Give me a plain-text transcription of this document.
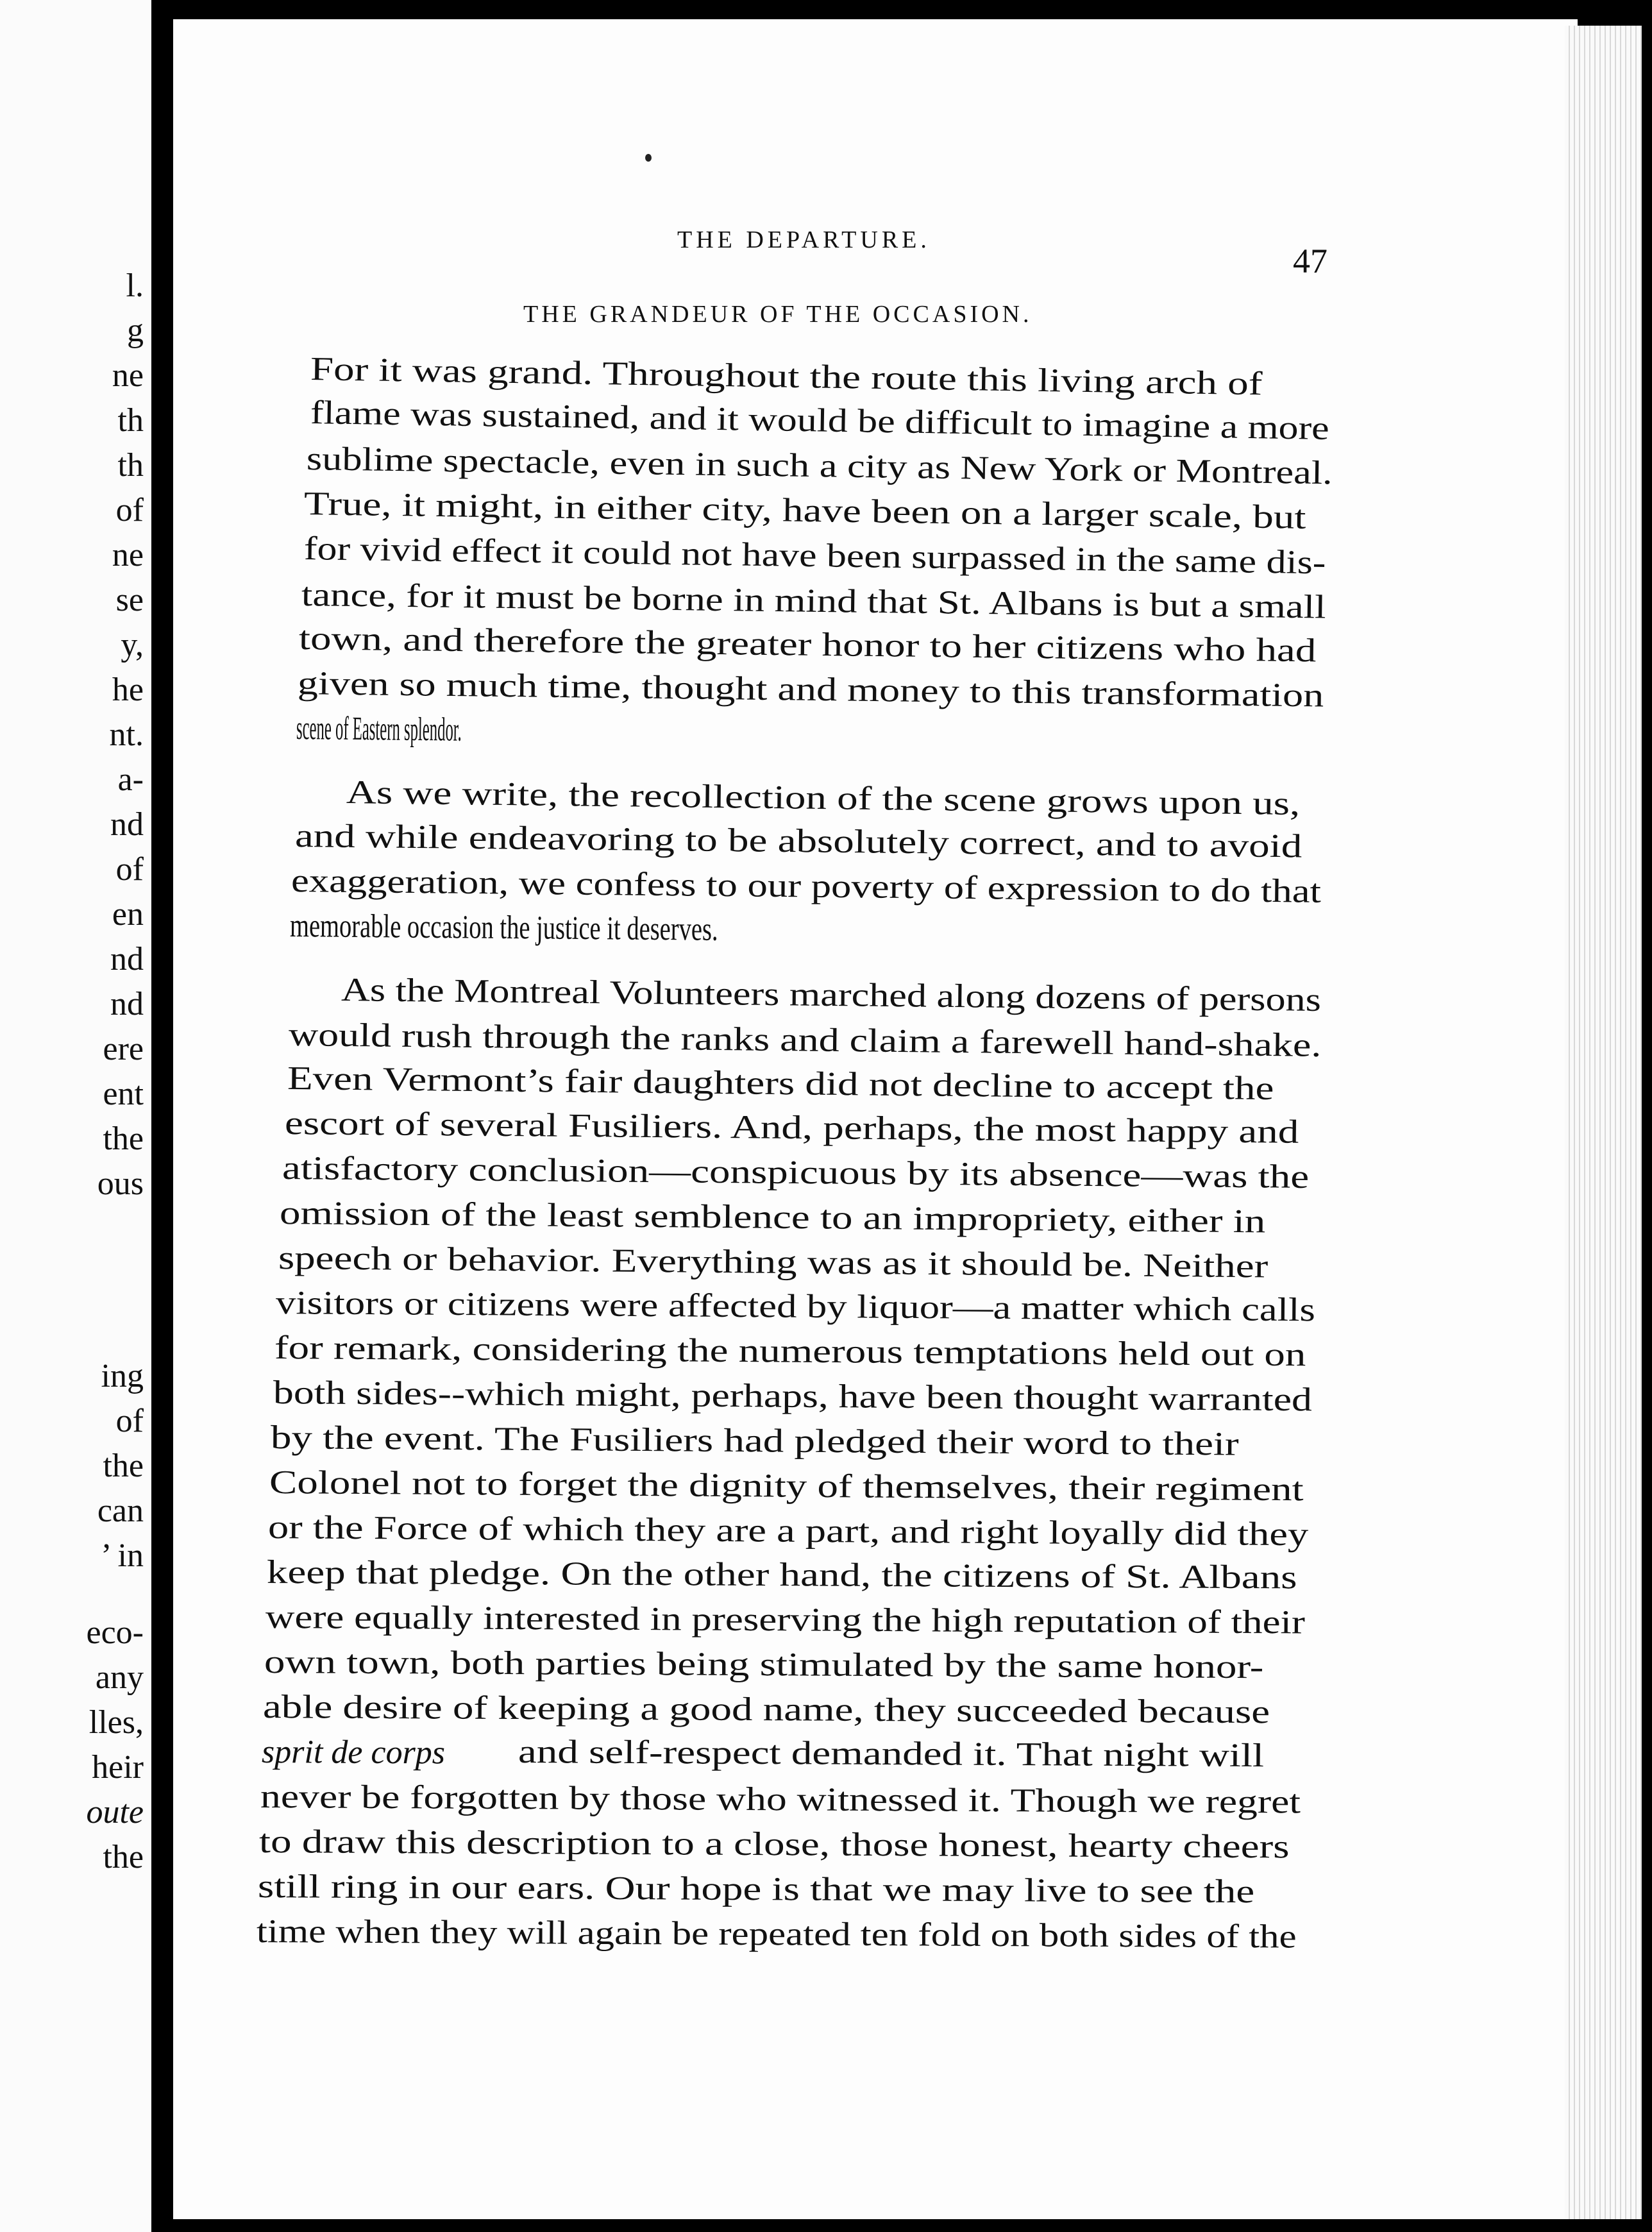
l.
g
ne
th
th
of
ne
se
y,
he
nt.
a-
nd
of
en
nd
nd
ere
ent
the
ous
ing
of
the
can
’ in
eco-
any
lles,
heir
oute
the
THE DEPARTURE.
47
THE GRANDEUR OF THE OCCASION.
For it was grand. Throughout the route this living arch of
flame was sustained, and it would be difficult to imagine a more
sublime spectacle, even in such a city as New York or Montreal.
True, it might, in either city, have been on a larger scale, but
for vivid effect it could not have been surpassed in the same dis-
tance, for it must be borne in mind that St. Albans is but a small
town, and therefore the greater honor to her citizens who had
given so much time, thought and money to this transformation
scene of Eastern splendor.
As we write, the recollection of the scene grows upon us,
and while endeavoring to be absolutely correct, and to avoid
exaggeration, we confess to our poverty of expression to do that
memorable occasion the justice it deserves.
As the Montreal Volunteers marched along dozens of persons
would rush through the ranks and claim a farewell hand-shake.
Even Vermont’s fair daughters did not decline to accept the
escort of several Fusiliers. And, perhaps, the most happy and
atisfactory conclusion—conspicuous by its absence—was the
omission of the least semblence to an impropriety, either in
speech or behavior. Everything was as it should be. Neither
visitors or citizens were affected by liquor—a matter which calls
for remark, considering the numerous temptations held out on
both sides--which might, perhaps, have been thought warranted
by the event. The Fusiliers had pledged their word to their
Colonel not to forget the dignity of themselves, their regiment
or the Force of which they are a part, and right loyally did they
keep that pledge. On the other hand, the citizens of St. Albans
were equally interested in preserving the high reputation of their
own town, both parties being stimulated by the same honor-
able desire of keeping a good name, they succeeded because
and self-respect demanded it. That night will
never be forgotten by those who witnessed it. Though we regret
to draw this description to a close, those honest, hearty cheers
still ring in our ears. Our hope is that we may live to see the
time when they will again be repeated ten fold on both sides of the
sprit de corps
